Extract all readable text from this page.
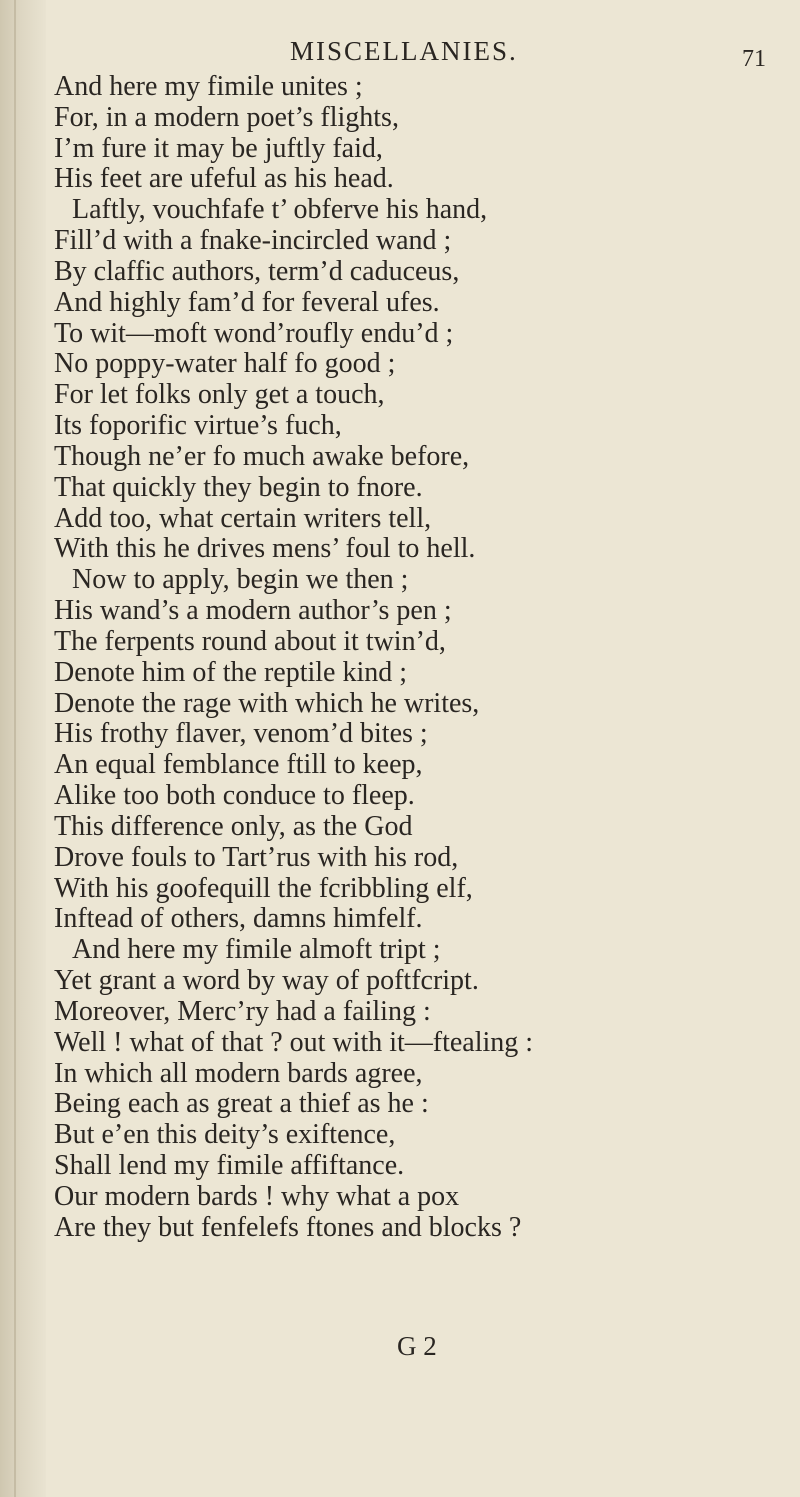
MISCELLANIES.	71
And here my fimile unites ;
For, in a modern poet’s flights,
I’m fure it may be juftly faid,
His feet are ufeful as his head.
Laftly, vouchfafe t’ obferve his hand,
Fill’d with a fnake-incircled wand ;
By claffic authors, term’d caduceus,
And highly fam’d for feveral ufes.
To wit—moft wond’roufly endu’d ;
No poppy-water half fo good ;
For let folks only get a touch,
Its foporific virtue’s fuch,
Though ne’er fo much awake before,
That quickly they begin to fnore.
Add too, what certain writers tell,
With this he drives mens’ foul to hell.
Now to apply, begin we then ;
His wand’s a modern author’s pen ;
The ferpents round about it twin’d,
Denote him of the reptile kind ;
Denote the rage with which he writes,
His frothy flaver, venom’d bites ;
An equal femblance ftill to keep,
Alike too both conduce to fleep.
This difference only, as the God
Drove fouls to Tart’rus with his rod,
With his goofequill the fcribbling elf,
Inftead of others, damns himfelf.
And here my fimile almoft tript ;
Yet grant a word by way of poftfcript.
Moreover, Merc’ry had a failing :
Well ! what of that ? out with it—ftealing :
In which all modern bards agree,
Being each as great a thief as he :
But e’en this deity’s exiftence,
Shall lend my fimile affiftance.
Our modern bards ! why what a pox
Are they but fenfelefs ftones and blocks ?
G 2
